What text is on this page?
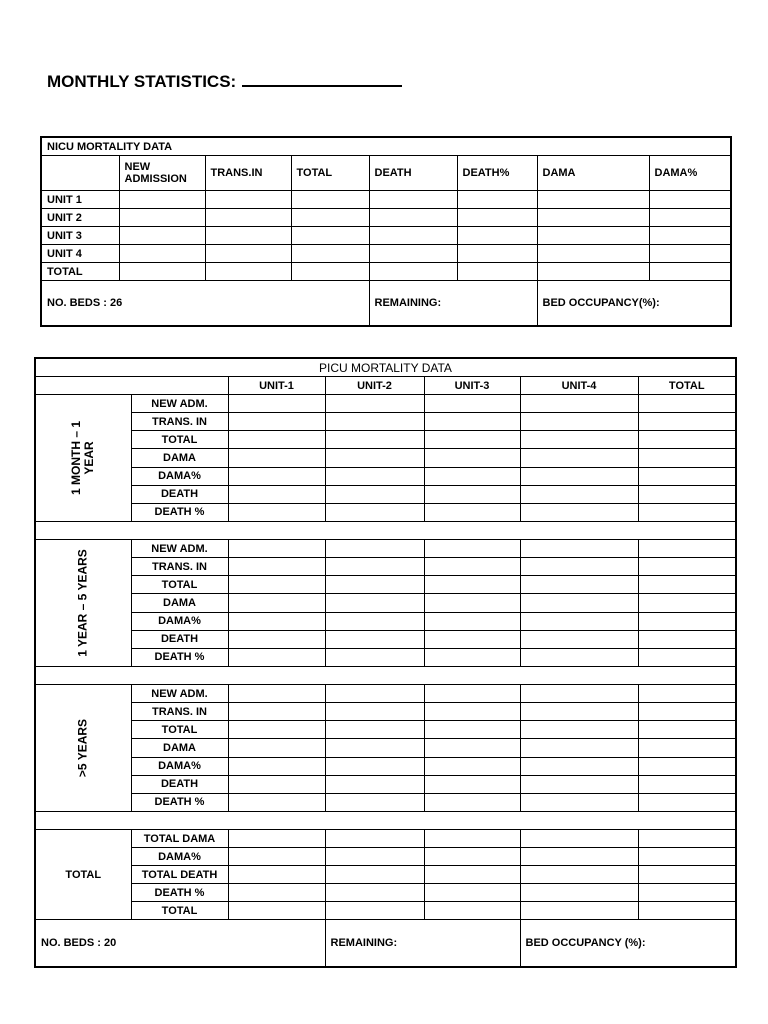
MONTHLY STATISTICS:
NICU MORTALITY DATA							
	NEW ADMISSION	TRANS.IN	TOTAL	DEATH	DEATH%	DAMA	DAMA%
UNIT 1							
UNIT 2							
UNIT 3							
UNIT 4							
TOTAL							
NO. BEDS : 26				REMAINING:		BED OCCUPANCY(%):	
PICU MORTALITY DATA						
		UNIT-1	UNIT-2	UNIT-3	UNIT-4	TOTAL

1 MONTH – 1
YEAR	NEW ADM.					
	TRANS. IN					
	TOTAL					
	DAMA					
	DAMA%					
	DEATH					
	DEATH %					

1 YEAR – 5 YEARS	NEW ADM.					
	TRANS. IN					
	TOTAL					
	DAMA					
	DAMA%					
	DEATH					
	DEATH %					

>5 YEARS	NEW ADM.					
	TRANS. IN					
	TOTAL					
	DAMA					
	DAMA%					
	DEATH					
	DEATH %					

TOTAL	TOTAL DAMA					
	DAMA%					
	TOTAL DEATH					
	DEATH %					
	TOTAL					
NO. BEDS : 20			REMAINING:		BED OCCUPANCY (%):	
